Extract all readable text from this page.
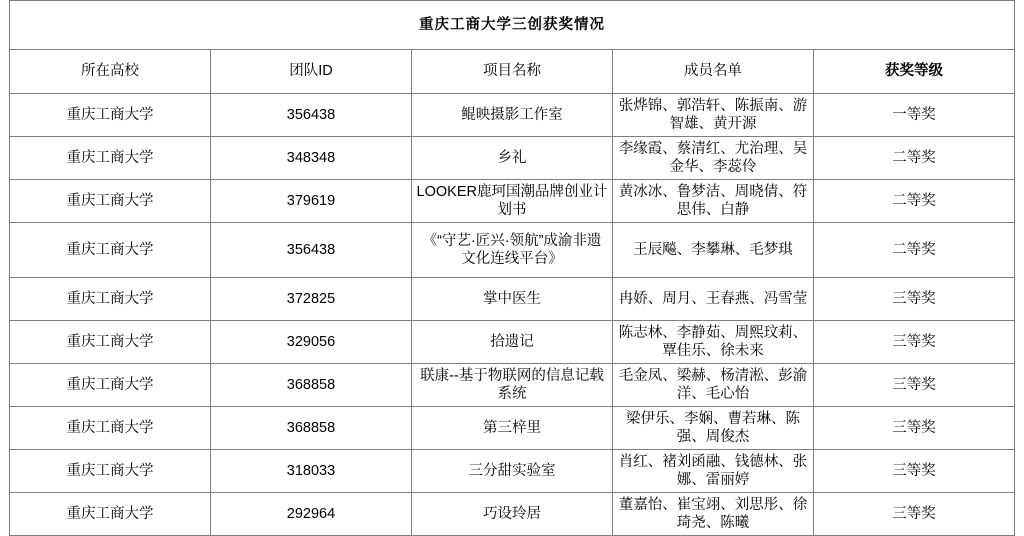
重庆工商大学三创获奖情况				
所在高校	团队ID	项目名称	成员名单	获奖等级
重庆工商大学	356438	鲲映摄影工作室	张烨锦、郭浩轩、陈振南、游智雄、黄开源	一等奖
重庆工商大学	348348	乡礼	李缘霞、蔡清红、尤治理、吴金华、李蕊伶	二等奖
重庆工商大学	379619	LOOKER鹿珂国潮品牌创业计划书	黄冰冰、鲁梦洁、周晓倩、符思伟、白静	二等奖
重庆工商大学	356438	《“守艺·匠兴·领航”成渝非遗文化连线平台》	王辰飚、李攀琳、毛梦琪	二等奖
重庆工商大学	372825	掌中医生	冉娇、周月、王春燕、冯雪莹	三等奖
重庆工商大学	329056	拾遗记	陈志林、李静茹、周熙玟莉、覃佳乐、徐未来	三等奖
重庆工商大学	368858	联康--基于物联网的信息记载系统	毛金凤、梁赫、杨清淞、彭渝洋、毛心怡	三等奖
重庆工商大学	368858	第三梓里	梁伊乐、李娴、曹若琳、陈强、周俊杰	三等奖
重庆工商大学	318033	三分甜实验室	肖红、褚刘函融、钱德林、张娜、雷丽婷	三等奖
重庆工商大学	292964	巧设玲居	董嘉怡、崔宝翊、刘思彤、徐琦尧、陈曦	三等奖
